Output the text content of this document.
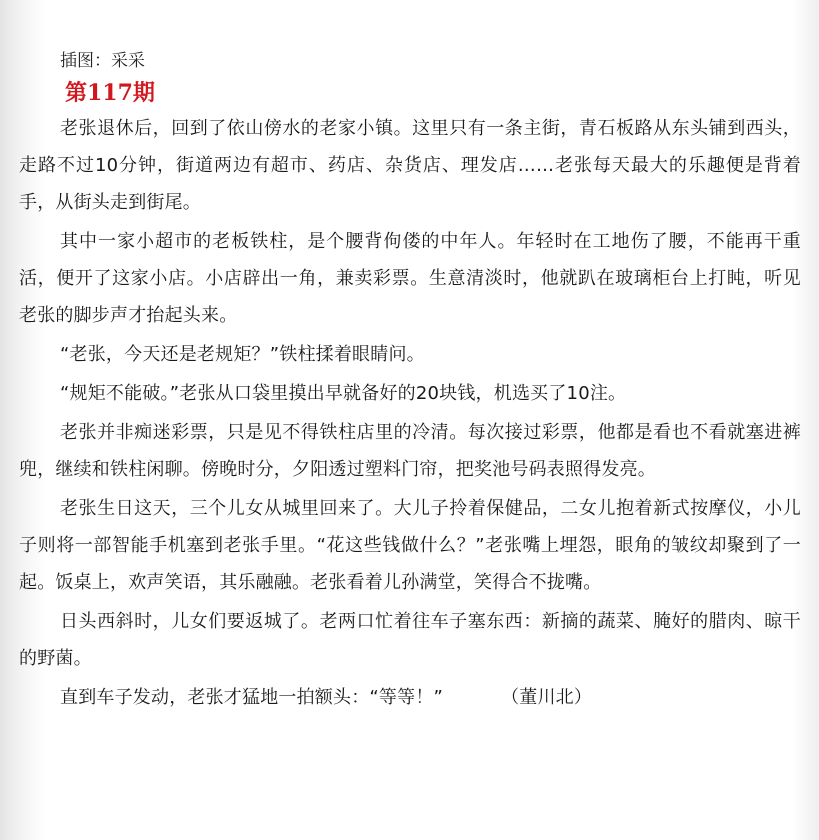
插图：采采
第117期

老张退休后，回到了依山傍水的老家小镇。这里只有一条主街，青石板路从东头铺到西头，走路不过10分钟，街道两边有超市、药店、杂货店、理发店……老张每天最大的乐趣便是背着手，从街头走到街尾。

其中一家小超市的老板铁柱，是个腰背佝偻的中年人。年轻时在工地伤了腰，不能再干重活，便开了这家小店。小店辟出一角，兼卖彩票。生意清淡时，他就趴在玻璃柜台上打盹，听见老张的脚步声才抬起头来。

“老张，今天还是老规矩？”铁柱揉着眼睛问。

“规矩不能破。”老张从口袋里摸出早就备好的20块钱，机选买了10注。

老张并非痴迷彩票，只是见不得铁柱店里的冷清。每次接过彩票，他都是看也不看就塞进裤兜，继续和铁柱闲聊。傍晚时分，夕阳透过塑料门帘，把奖池号码表照得发亮。

老张生日这天，三个儿女从城里回来了。大儿子拎着保健品，二女儿抱着新式按摩仪，小儿子则将一部智能手机塞到老张手里。“花这些钱做什么？”老张嘴上埋怨，眼角的皱纹却聚到了一起。饭桌上，欢声笑语，其乐融融。老张看着儿孙满堂，笑得合不拢嘴。

日头西斜时，儿女们要返城了。老两口忙着往车子塞东西：新摘的蔬菜、腌好的腊肉、晾干的野菌。

直到车子发动，老张才猛地一拍额头：“等等！”	（董川北）
